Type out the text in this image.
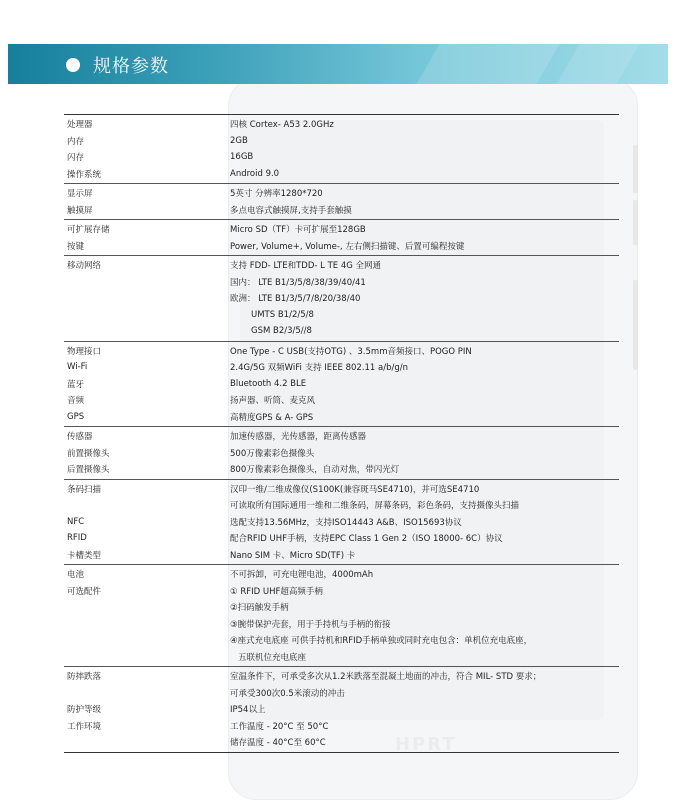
HPRT
规格参数
处理器	四核 Cortex- A53 2.0GHz
内存	2GB
闪存	16GB
操作系统	Android 9.0
显示屏	5英寸 分辨率1280*720
触摸屏	多点电容式触摸屏,支持手套触摸
可扩展存储	Micro SD（TF）卡可扩展至128GB
按键	Power, Volume+, Volume-, 左右侧扫描键、后置可编程按键
移动网络	支持 FDD- LTE和TDD- L TE 4G 全网通
国内： LTE B1/3/5/8/38/39/40/41
欧洲： LTE B1/3/5/7/8/20/38/40
UMTS B1/2/5/8
GSM B2/3/5//8
物理接口	One Type - C USB(支持OTG) 、3.5mm音频接口、POGO PIN
Wi-Fi	2.4G/5G 双频WiFi 支持 IEEE 802.11 a/b/g/n
蓝牙	Bluetooth 4.2 BLE
音频	扬声器、听筒、麦克风
GPS	高精度GPS & A- GPS
传感器	加速传感器，光传感器，距离传感器
前置摄像头	500万像素彩色摄像头
后置摄像头	800万像素彩色摄像头，自动对焦，带闪光灯
条码扫描	汉印一维/二维成像仪(S100K(兼容斑马SE4710)，并可选SE4710
可读取所有国际通用一维和二维条码，屏幕条码，彩色条码，支持摄像头扫描
NFC	选配支持13.56MHz，支持ISO14443 A&B、ISO15693协议
RFID	配合RFID UHF手柄，支持EPC Class 1 Gen 2（ISO 18000- 6C）协议
卡槽类型	Nano SIM 卡、Micro SD(TF) 卡
电池	不可拆卸，可充电锂电池，4000mAh
可选配件	① RFID UHF超高频手柄
②扫码触发手柄
③腕带保护壳套，用于手持机与手柄的衔接
④座式充电底座 可供手持机和RFID手柄单独或同时充电包含：单机位充电底座，
五联机位充电底座
防摔跌落	室温条件下，可承受多次从1.2米跌落至混凝土地面的冲击，符合 MIL- STD 要求；
可承受300次0.5米滚动的冲击
防护等级	IP54以上
工作环境	工作温度 - 20°C 至 50°C
储存温度 - 40°C至 60°C
